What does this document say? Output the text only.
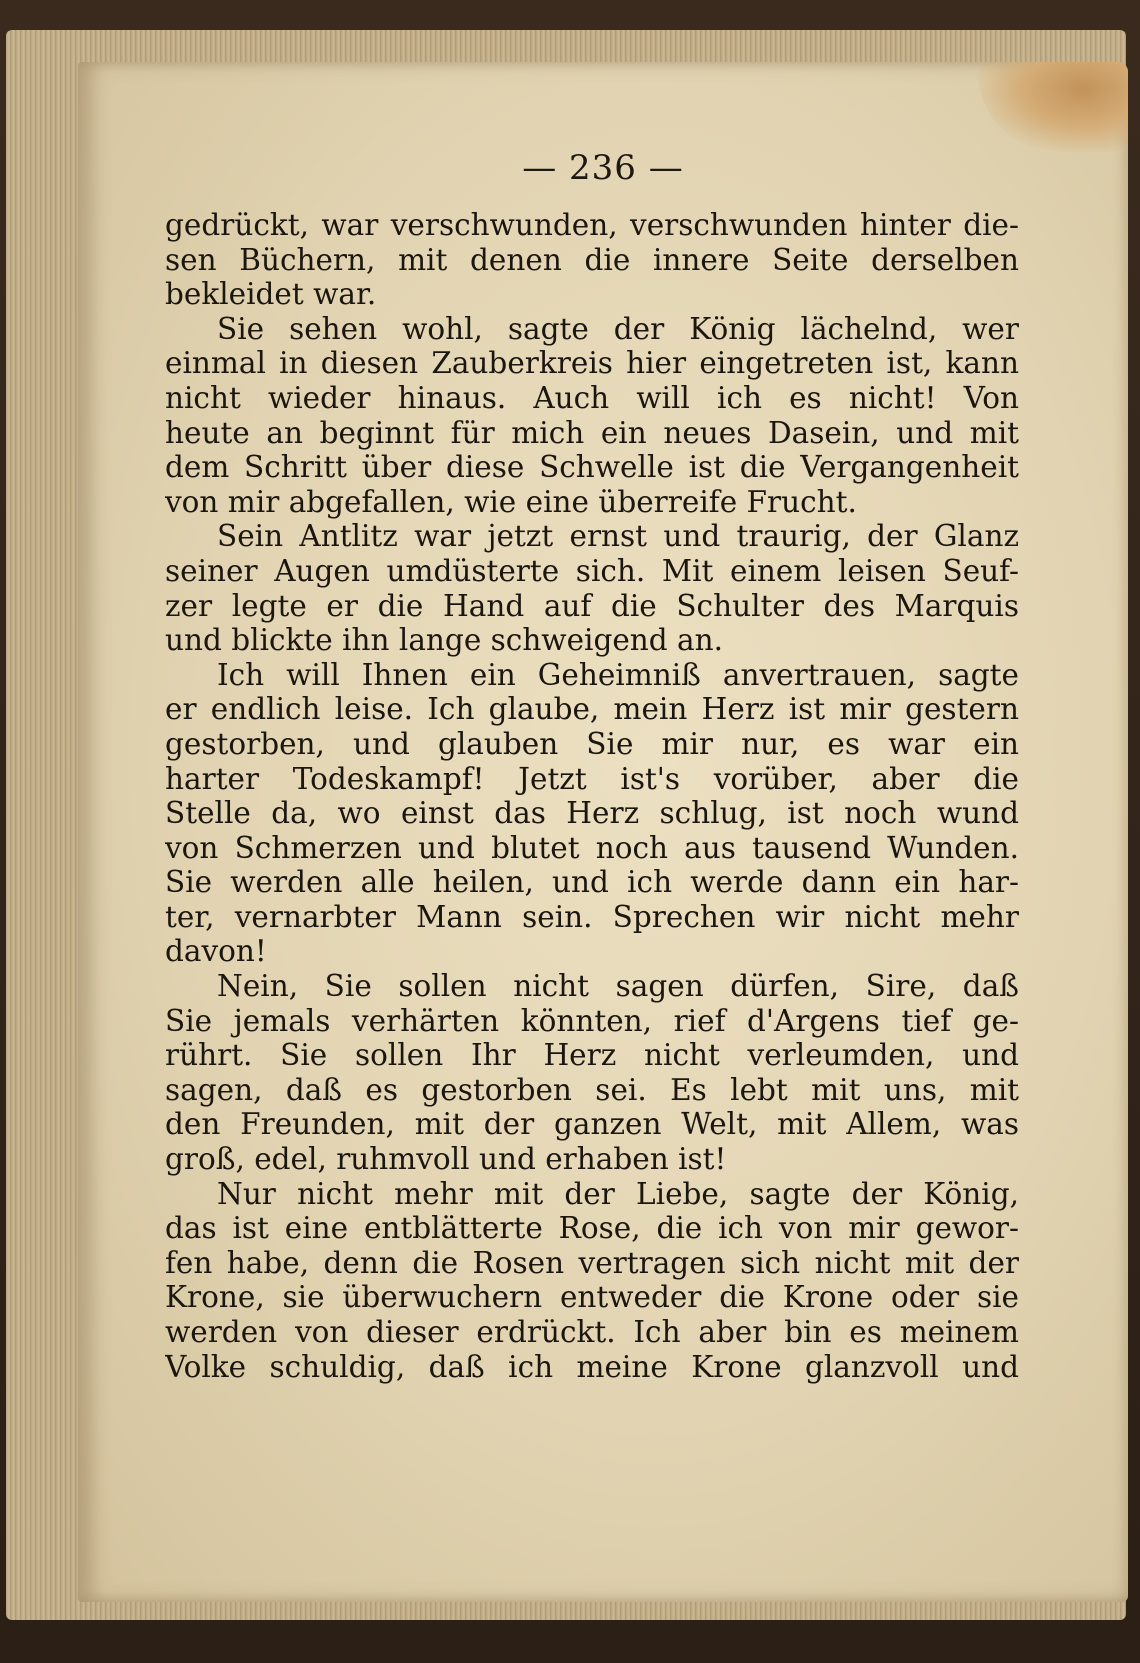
— 236 —
gedrückt, war verschwunden, verschwunden hinter die-
sen Büchern, mit denen die innere Seite derselben
bekleidet war.
Sie sehen wohl, sagte der König lächelnd, wer
einmal in diesen Zauberkreis hier eingetreten ist, kann
nicht wieder hinaus. Auch will ich es nicht! Von
heute an beginnt für mich ein neues Dasein, und mit
dem Schritt über diese Schwelle ist die Vergangenheit
von mir abgefallen, wie eine überreife Frucht.
Sein Antlitz war jetzt ernst und traurig, der Glanz
seiner Augen umdüsterte sich. Mit einem leisen Seuf-
zer legte er die Hand auf die Schulter des Marquis
und blickte ihn lange schweigend an.
Ich will Ihnen ein Geheimniß anvertrauen, sagte
er endlich leise. Ich glaube, mein Herz ist mir gestern
gestorben, und glauben Sie mir nur, es war ein
harter Todeskampf! Jetzt ist's vorüber, aber die
Stelle da, wo einst das Herz schlug, ist noch wund
von Schmerzen und blutet noch aus tausend Wunden.
Sie werden alle heilen, und ich werde dann ein har-
ter, vernarbter Mann sein. Sprechen wir nicht mehr
davon!
Nein, Sie sollen nicht sagen dürfen, Sire, daß
Sie jemals verhärten könnten, rief d'Argens tief ge-
rührt. Sie sollen Ihr Herz nicht verleumden, und
sagen, daß es gestorben sei. Es lebt mit uns, mit
den Freunden, mit der ganzen Welt, mit Allem, was
groß, edel, ruhmvoll und erhaben ist!
Nur nicht mehr mit der Liebe, sagte der König,
das ist eine entblätterte Rose, die ich von mir gewor-
fen habe, denn die Rosen vertragen sich nicht mit der
Krone, sie überwuchern entweder die Krone oder sie
werden von dieser erdrückt. Ich aber bin es meinem
Volke schuldig, daß ich meine Krone glanzvoll und
